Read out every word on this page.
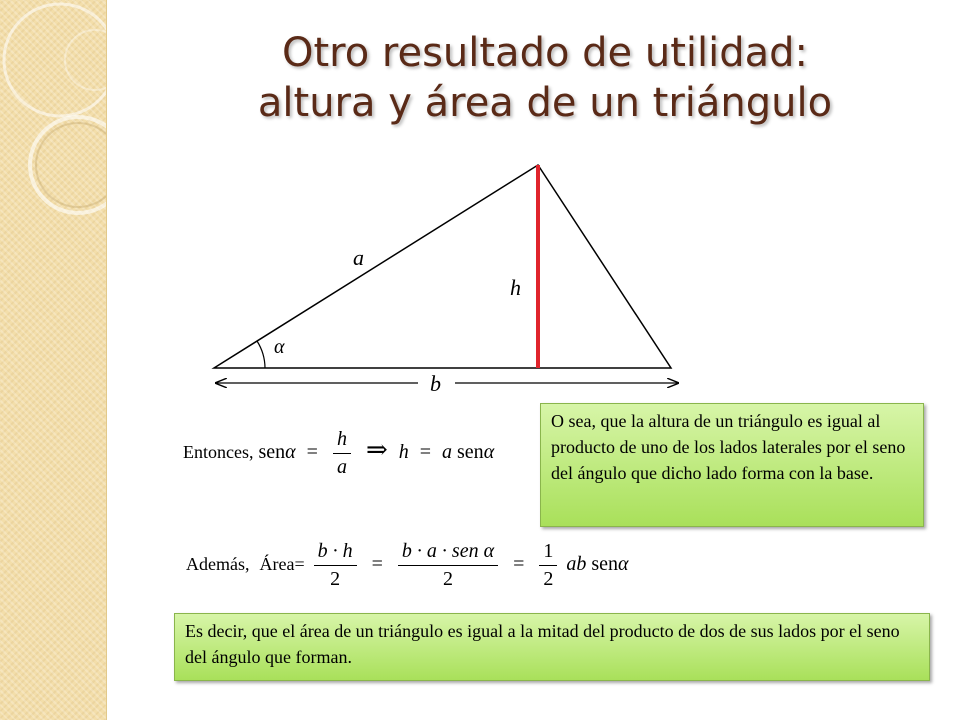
Otro resultado de utilidad:
altura y área de un triángulo
a
h
α
b
Entonces, $sen\alpha = \frac{h}{a}$ ⇒ h = a senα
Además, Área= $\frac{b \cdot h}{2} = \frac{\text{b · a · sen α}}{2} = \frac{1}{2}$ ab senα
O sea, que la altura de un triángulo es igual al producto de uno de los lados laterales por el seno del ángulo que dicho lado forma con la base.
Es decir, que el área de un triángulo es igual a la mitad del producto de dos de sus lados por el seno del ángulo que forman.
